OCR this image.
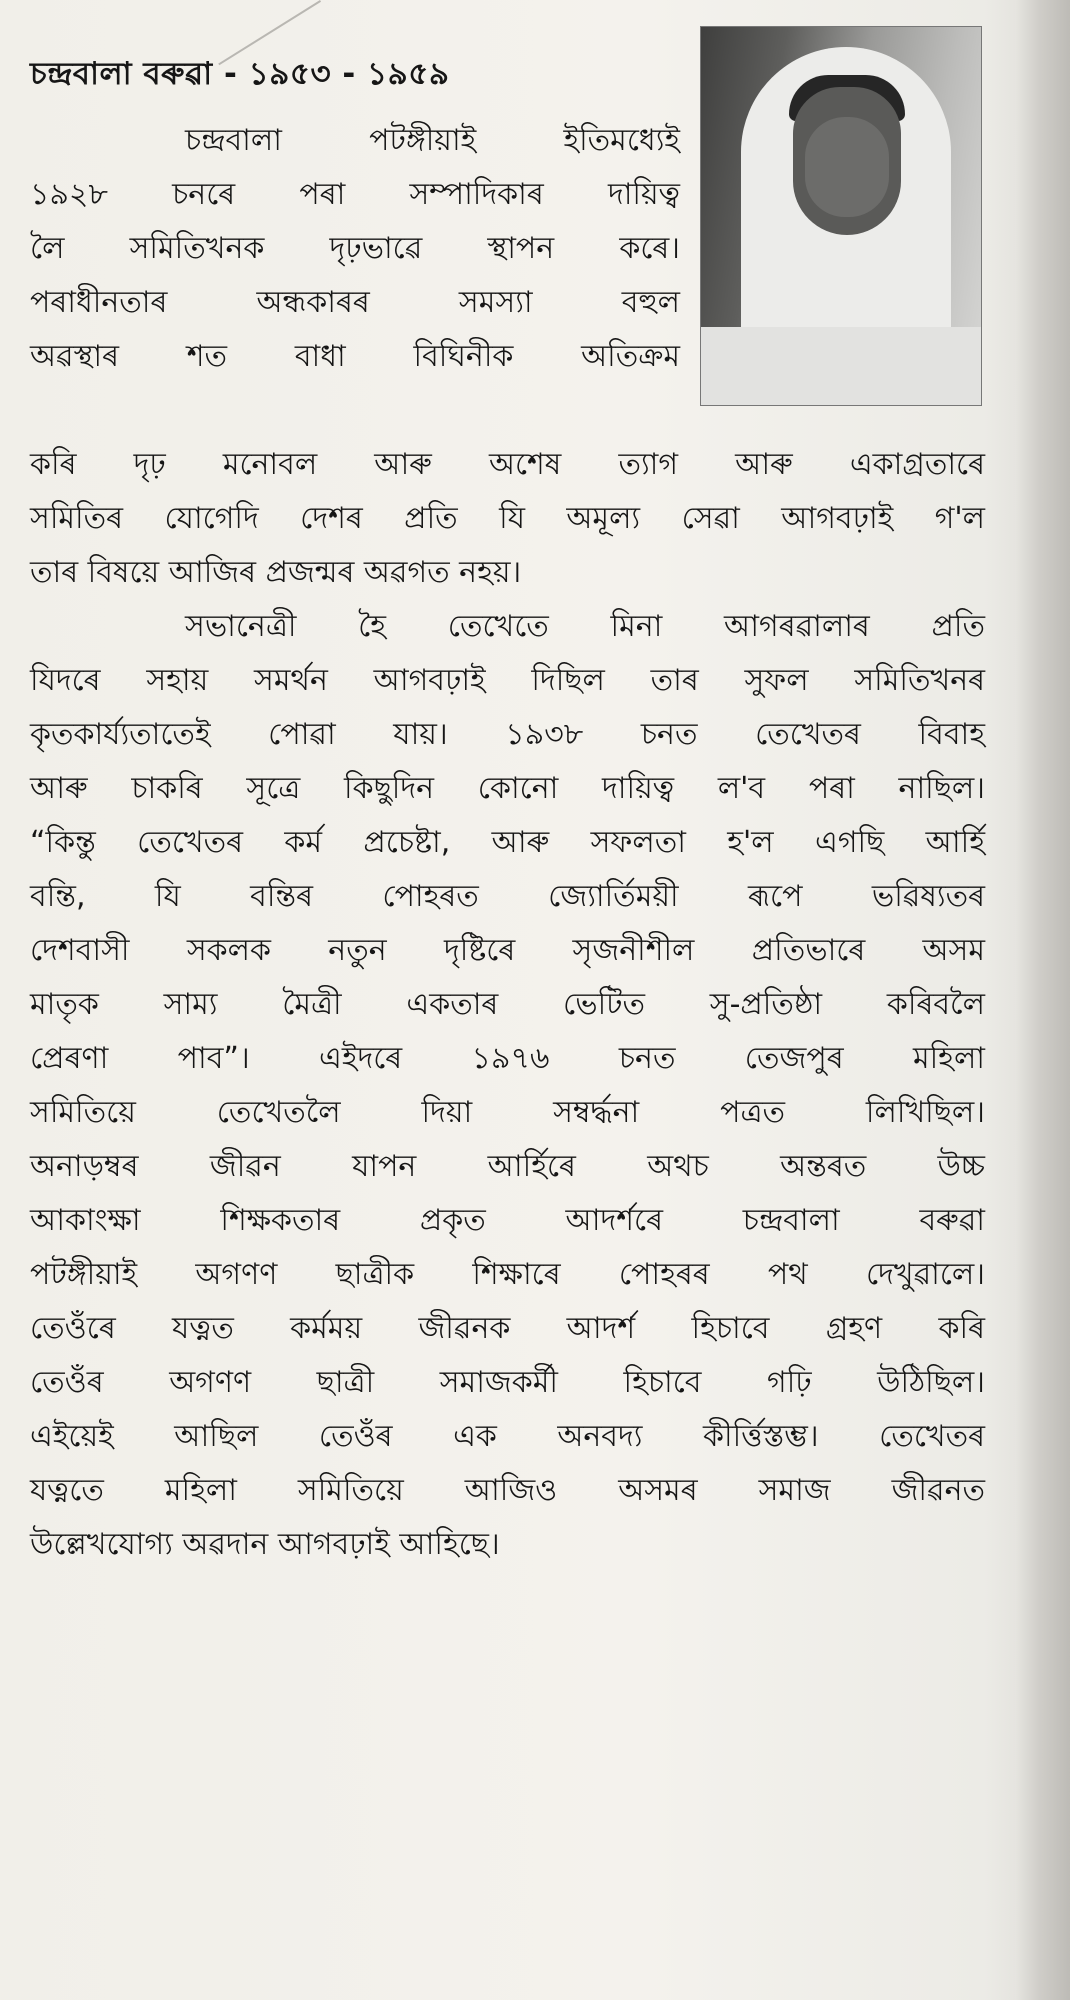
চন্দ্ৰবালা বৰুৱা - ১৯৫৩ - ১৯৫৯
চন্দ্ৰবালা পটঙ্গীয়াই ইতিমধ্যেই
১৯২৮ চনৰে পৰা সম্পাদিকাৰ দায়িত্ব
লৈ সমিতিখনক দৃঢ়ভাৱে স্থাপন কৰে।
পৰাধীনতাৰ অন্ধকাৰৰ সমস্যা বহুল
অৱস্থাৰ শত বাধা বিঘিনীক অতিক্ৰম
কৰি দৃঢ় মনোবল আৰু অশেষ ত্যাগ আৰু একাগ্ৰতাৰে
সমিতিৰ যোগেদি দেশৰ প্ৰতি যি অমূল্য সেৱা আগবঢ়াই গ'ল
তাৰ বিষয়ে আজিৰ প্ৰজন্মৰ অৱগত নহয়।
সভানেত্ৰী হৈ তেখেতে মিনা আগৰৱালাৰ প্ৰতি
যিদৰে সহায় সমৰ্থন আগবঢ়াই দিছিল তাৰ সুফল সমিতিখনৰ
কৃতকাৰ্য্যতাতেই পোৱা যায়। ১৯৩৮ চনত তেখেতৰ বিবাহ
আৰু চাকৰি সূত্ৰে কিছুদিন কোনো দায়িত্ব ল'ব পৰা নাছিল।
“কিন্তু তেখেতৰ কৰ্ম প্ৰচেষ্টা, আৰু সফলতা হ'ল এগছি আৰ্হি
বন্তি, যি বন্তিৰ পোহৰত জ্যোৰ্তিময়ী ৰূপে ভৱিষ্যতৰ
দেশবাসী সকলক নতুন দৃষ্টিৰে সৃজনীশীল প্ৰতিভাৰে অসম
মাতৃক সাম্য মৈত্ৰী একতাৰ ভেটিত সু-প্ৰতিষ্ঠা কৰিবলৈ
প্ৰেৰণা পাব”। এইদৰে ১৯৭৬ চনত তেজপুৰ মহিলা
সমিতিয়ে তেখেতলৈ দিয়া সম্বৰ্দ্ধনা পত্ৰত লিখিছিল।
অনাড়ম্বৰ জীৱন যাপন আৰ্হিৰে অথচ অন্তৰত উচ্চ
আকাংক্ষা শিক্ষকতাৰ প্ৰকৃত আদৰ্শৰে চন্দ্ৰবালা বৰুৱা
পটঙ্গীয়াই অগণণ ছাত্ৰীক শিক্ষাৰে পোহৰৰ পথ দেখুৱালে।
তেওঁৰে যত্নত কৰ্মময় জীৱনক আদৰ্শ হিচাবে গ্ৰহণ কৰি
তেওঁৰ অগণণ ছাত্ৰী সমাজকৰ্মী হিচাবে গঢ়ি উঠিছিল।
এইয়েই আছিল তেওঁৰ এক অনবদ্য কীৰ্ত্তিস্তম্ভ। তেখেতৰ
যত্নতে মহিলা সমিতিয়ে আজিও অসমৰ সমাজ জীৱনত
উল্লেখযোগ্য অৱদান আগবঢ়াই আহিছে।
